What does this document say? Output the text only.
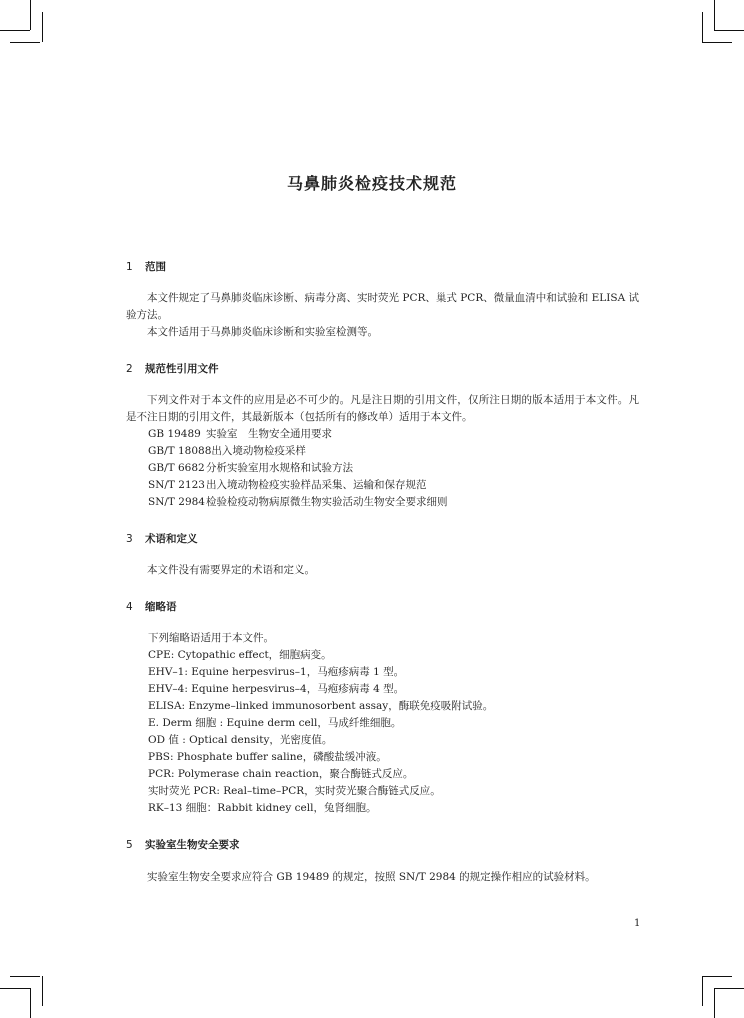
马鼻肺炎检疫技术规范
1 范围

本文件规定了马鼻肺炎临床诊断、病毒分离、实时荧光 PCR、巢式 PCR、微量血清中和试验和 ELISA 试验方法。

本文件适用于马鼻肺炎临床诊断和实验室检测等。

2 规范性引用文件

下列文件对于本文件的应用是必不可少的。凡是注日期的引用文件，仅所注日期的版本适用于本文件。凡是不注日期的引用文件，其最新版本（包括所有的修改单）适用于本文件。

GB 19489 实验室　生物安全通用要求
GB/T 18088出入境动物检疫采样
GB/T 6682分析实验室用水规格和试验方法
SN/T 2123出入境动物检疫实验样品采集、运输和保存规范
SN/T 2984检验检疫动物病原微生物实验活动生物安全要求细则
3 术语和定义

本文件没有需要界定的术语和定义。

4 缩略语
下列缩略语适用于本文件。
CPE: Cytopathic effect，细胞病变。
EHV–1: Equine herpesvirus–1，马疱疹病毒 1 型。
EHV–4: Equine herpesvirus–4，马疱疹病毒 4 型。
ELISA: Enzyme–linked immunosorbent assay，酶联免疫吸附试验。
E. Derm 细胞 : Equine derm cell，马成纤维细胞。
OD 值 : Optical density，光密度值。
PBS: Phosphate buffer saline，磷酸盐缓冲液。
PCR: Polymerase chain reaction，聚合酶链式反应。
实时荧光 PCR: Real–time–PCR，实时荧光聚合酶链式反应。
RK–13 细胞：Rabbit kidney cell，兔肾细胞。
5 实验室生物安全要求

实验室生物安全要求应符合 GB 19489 的规定，按照 SN/T 2984 的规定操作相应的试验材料。

1
